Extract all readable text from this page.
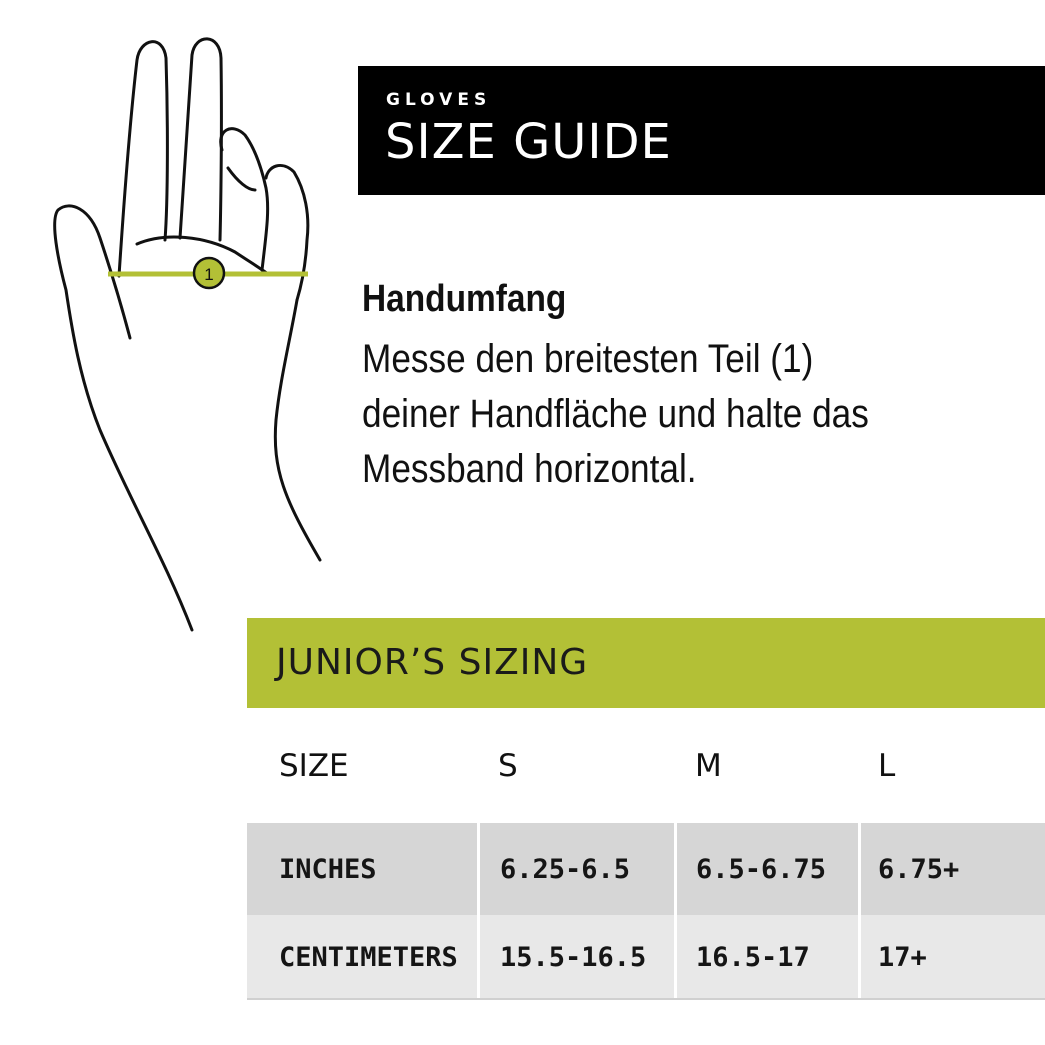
1
GLOVES
SIZE GUIDE
Handumfang
Messe den breitesten Teil (1)
deiner Handfläche und halte das
Messband horizontal.
JUNIOR’S SIZING
SIZE	S	M	L
INCHES	6.25-6.5	6.5-6.75	6.75+
CENTIMETERS	15.5-16.5	16.5-17	17+
